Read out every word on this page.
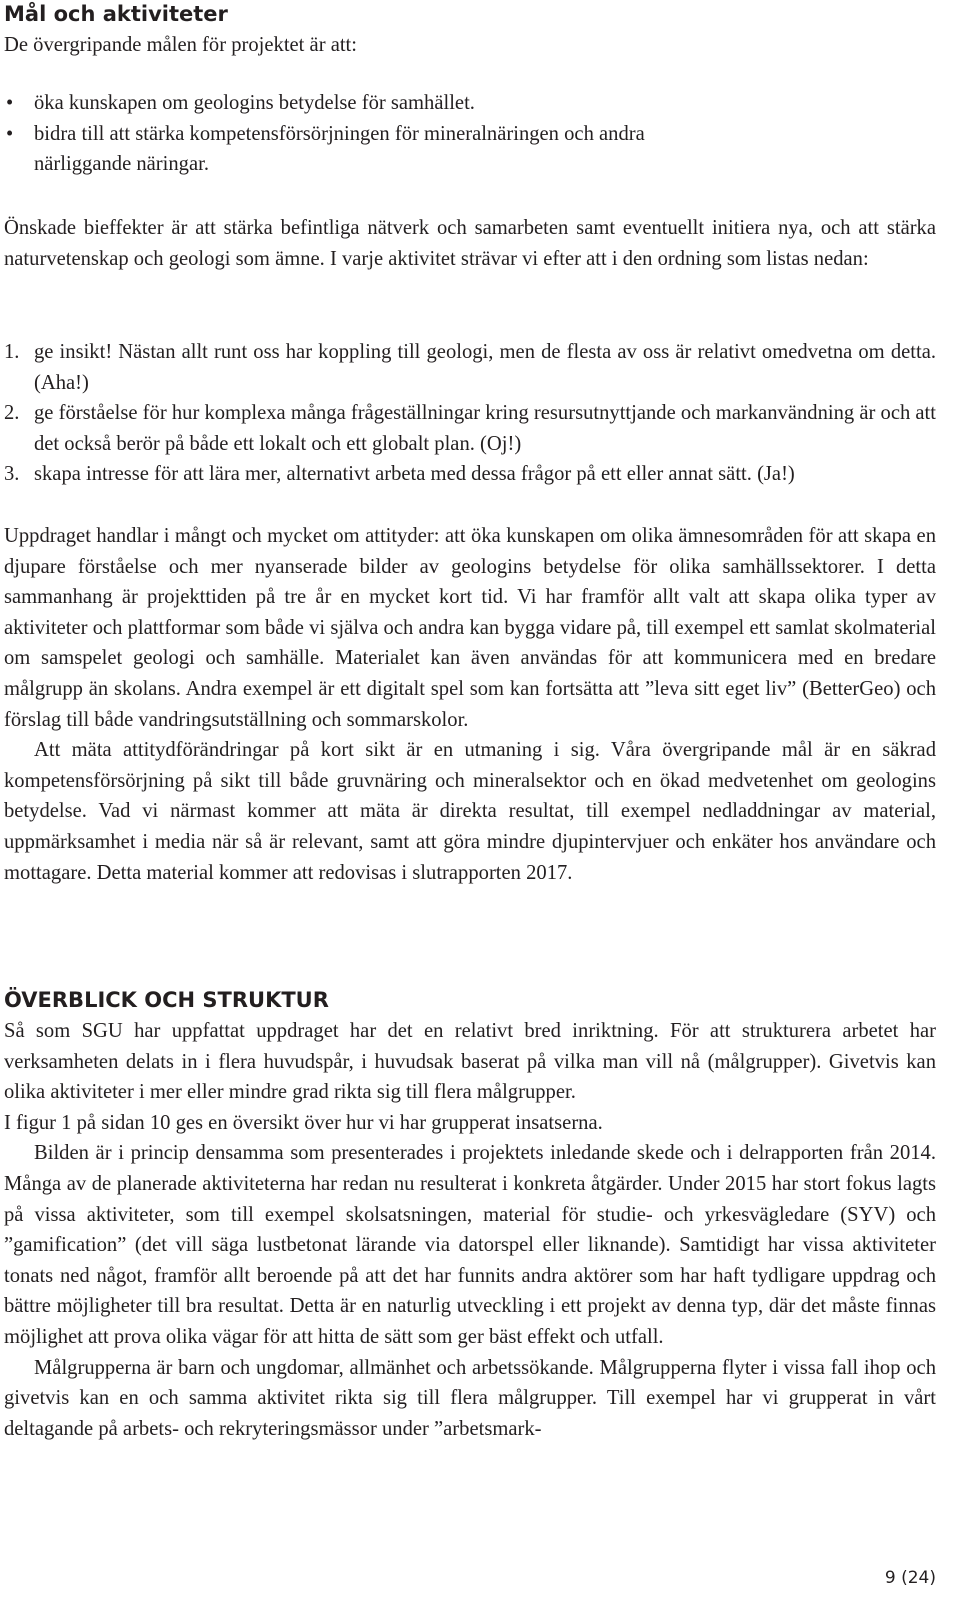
Mål och aktiviteter
De övergripande målen för projektet är att:
• öka kunskapen om geologins betydelse för samhället.
• bidra till att stärka kompetensförsörjningen för mineralnäringen och andra närliggande näringar.

Önskade bieffekter är att stärka befintliga nätverk och samarbeten samt eventuellt initiera nya, och att stärka naturvetenskap och geologi som ämne. I varje aktivitet strävar vi efter att i den ordning som listas nedan:

1. ge insikt! Nästan allt runt oss har koppling till geologi, men de flesta av oss är relativt omedvetna om detta. (Aha!)
2. ge förståelse för hur komplexa många frågeställningar kring resursutnyttjande och markanvändning är och att det också berör på både ett lokalt och ett globalt plan. (Oj!)
3. skapa intresse för att lära mer, alternativt arbeta med dessa frågor på ett eller annat sätt. (Ja!)

Uppdraget handlar i mångt och mycket om attityder: att öka kunskapen om olika ämnesområden för att skapa en djupare förståelse och mer nyanserade bilder av geologins betydelse för olika samhällssektorer. I detta sammanhang är projekttiden på tre år en mycket kort tid. Vi har framför allt valt att skapa olika typer av aktiviteter och plattformar som både vi själva och andra kan bygga vidare på, till exempel ett samlat skolmaterial om samspelet geologi och samhälle. Materialet kan även användas för att kommunicera med en bredare målgrupp än skolans. Andra exempel är ett digitalt spel som kan fortsätta att ”leva sitt eget liv” (BetterGeo) och förslag till både vandringsutställning och sommarskolor.

Att mäta attitydförändringar på kort sikt är en utmaning i sig. Våra övergripande mål är en säkrad kompetensförsörjning på sikt till både gruvnäring och mineralsektor och en ökad medvetenhet om geologins betydelse. Vad vi närmast kommer att mäta är direkta resultat, till exempel nedladdningar av material, uppmärksamhet i media när så är relevant, samt att göra mindre djupintervjuer och enkäter hos användare och mottagare. Detta material kommer att redovisas i slutrapporten 2017.

ÖVERBLICK OCH STRUKTUR

Så som SGU har uppfattat uppdraget har det en relativt bred inriktning. För att strukturera arbetet har verksamheten delats in i flera huvudspår, i huvudsak baserat på vilka man vill nå (målgrupper). Givetvis kan olika aktiviteter i mer eller mindre grad rikta sig till flera målgrupper.

I figur 1 på sidan 10 ges en översikt över hur vi har grupperat insatserna.

Bilden är i princip densamma som presenterades i projektets inledande skede och i delrapporten från 2014. Många av de planerade aktiviteterna har redan nu resulterat i konkreta åtgärder. Under 2015 har stort fokus lagts på vissa aktiviteter, som till exempel skolsatsningen, material för studie- och yrkesvägledare (SYV) och ”gamification” (det vill säga lustbetonat lärande via datorspel eller liknande). Samtidigt har vissa aktiviteter tonats ned något, framför allt beroende på att det har funnits andra aktörer som har haft tydligare uppdrag och bättre möjligheter till bra resultat. Detta är en naturlig utveckling i ett projekt av denna typ, där det måste finnas möjlighet att prova olika vägar för att hitta de sätt som ger bäst effekt och utfall.

Målgrupperna är barn och ungdomar, allmänhet och arbetssökande. Målgrupperna flyter i vissa fall ihop och givetvis kan en och samma aktivitet rikta sig till flera målgrupper. Till exempel har vi grupperat in vårt deltagande på arbets- och rekryteringsmässor under ”arbetsmark-

9 (24)
